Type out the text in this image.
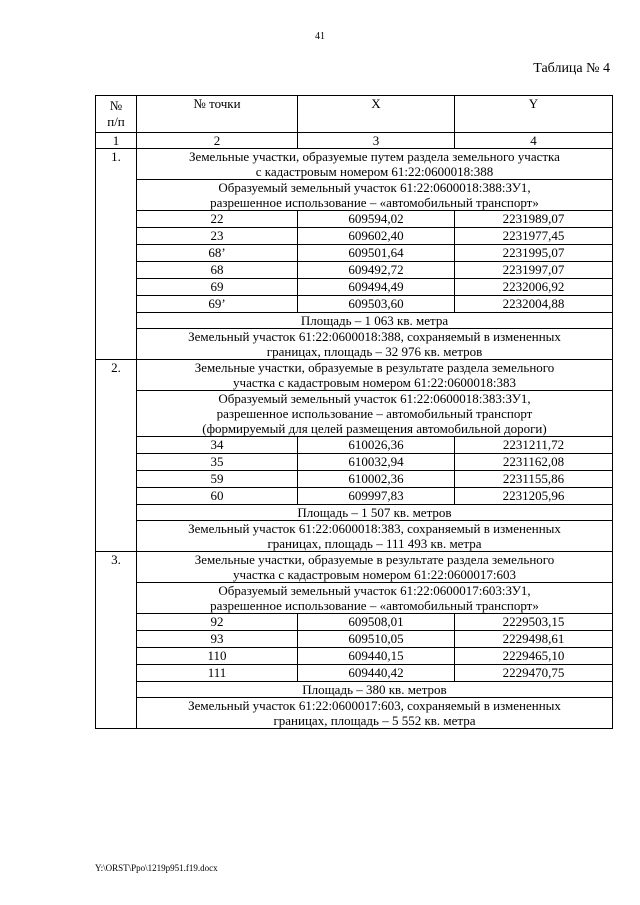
41
Таблица № 4
№
п/п	№ точки	X	Y
1	2	3	4
1.	Земельные участки, образуемые путем раздела земельного участка
с кадастровым номером 61:22:0600018:388		
	Образуемый земельный участок 61:22:0600018:388:ЗУ1,
разрешенное использование – «автомобильный транспорт»		
	22	609594,02	2231989,07
	23	609602,40	2231977,45
	68’	609501,64	2231995,07
	68	609492,72	2231997,07
	69	609494,49	2232006,92
	69’	609503,60	2232004,88
	Площадь – 1 063 кв. метра		
	Земельный участок 61:22:0600018:388, сохраняемый в измененных
границах, площадь – 32 976 кв. метров		
2.	Земельные участки, образуемые в результате раздела земельного
участка с кадастровым номером 61:22:0600018:383		
	Образуемый земельный участок 61:22:0600018:383:ЗУ1,
разрешенное использование – автомобильный транспорт
(формируемый для целей размещения автомобильной дороги)		
	34	610026,36	2231211,72
	35	610032,94	2231162,08
	59	610002,36	2231155,86
	60	609997,83	2231205,96
	Площадь – 1 507 кв. метров		
	Земельный участок 61:22:0600018:383, сохраняемый в измененных
границах, площадь – 111 493 кв. метра		
3.	Земельные участки, образуемые в результате раздела земельного
участка с кадастровым номером 61:22:0600017:603		
	Образуемый земельный участок 61:22:0600017:603:ЗУ1,
разрешенное использование – «автомобильный транспорт»		
	92	609508,01	2229503,15
	93	609510,05	2229498,61
	110	609440,15	2229465,10
	111	609440,42	2229470,75
	Площадь – 380 кв. метров		
	Земельный участок 61:22:0600017:603, сохраняемый в измененных
границах, площадь – 5 552 кв. метра		
Y:\ORST\Ppo\1219p951.f19.docx
